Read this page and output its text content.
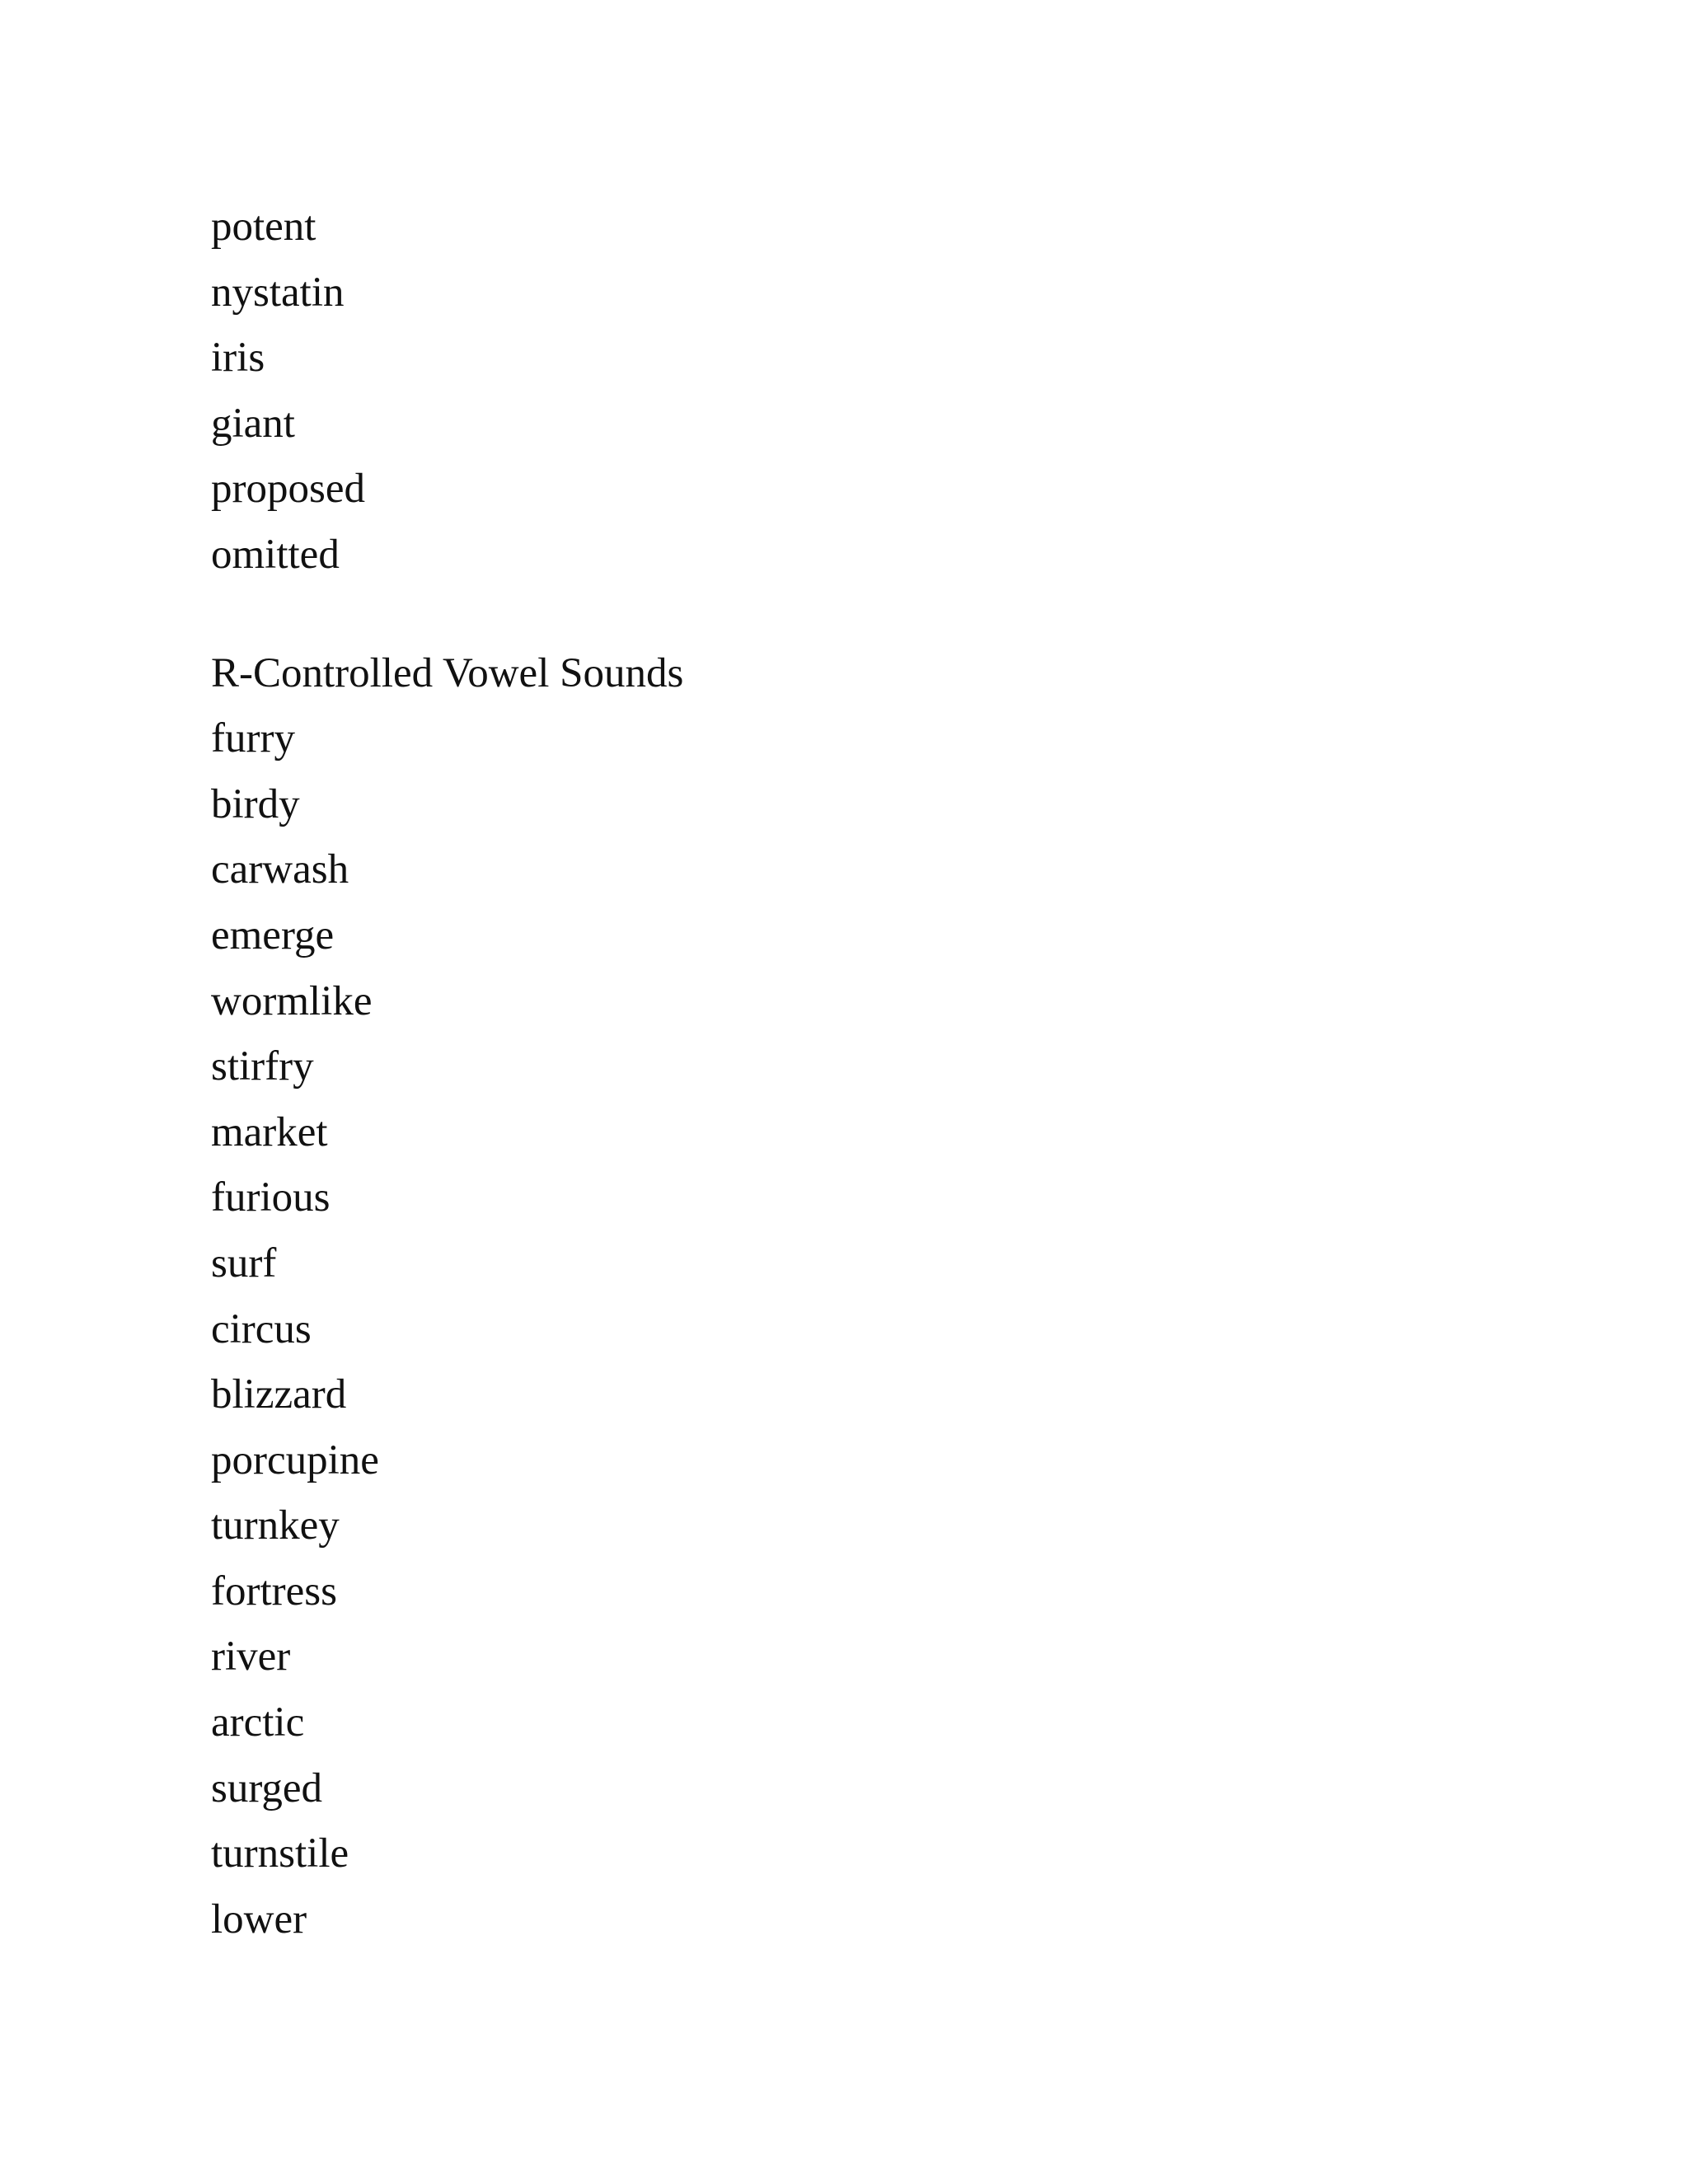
potent
nystatin
iris
giant
proposed
omitted
R-Controlled Vowel Sounds
furry
birdy
carwash
emerge
wormlike
stirfry
market
furious
surf
circus
blizzard
porcupine
turnkey
fortress
river
arctic
surged
turnstile
lower
